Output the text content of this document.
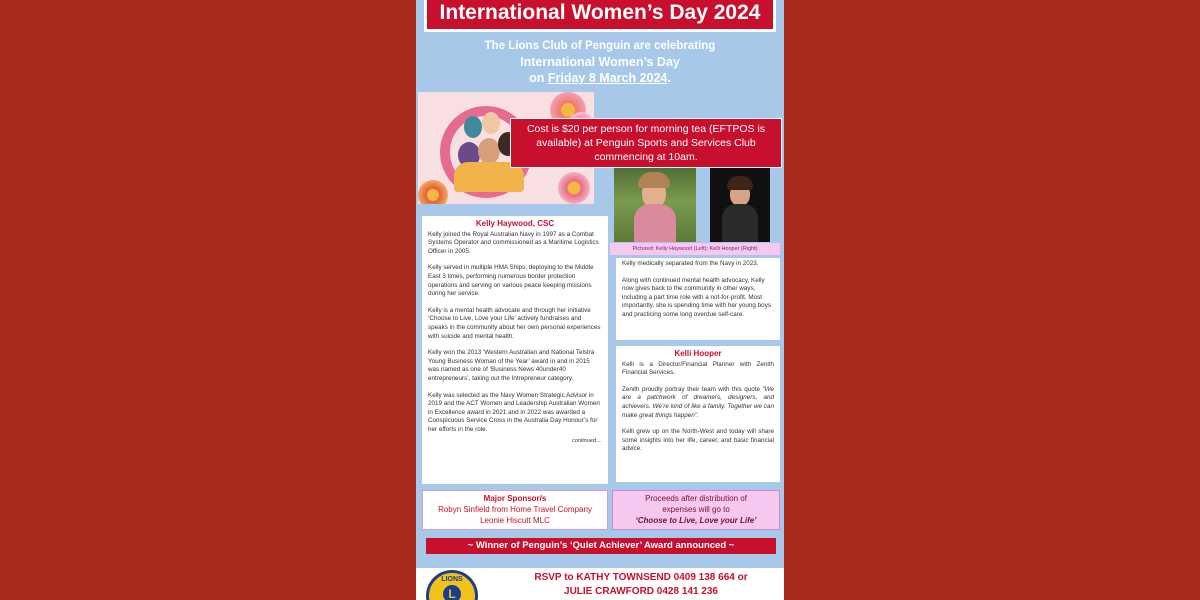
International Women’s Day 2024
The Lions Club of Penguin are celebrating
International Women’s Day
on Friday 8 March 2024.
Cost is $20 per person for morning tea (EFTPOS is available) at Penguin Sports and Services Club commencing at 10am.
Pictured: Kelly Haywood (Left); Kelli Hooper (Right)
Kelly Haywood, CSC

Kelly joined the Royal Australian Navy in 1997 as a Combat Systems Operator and commissioned as a Maritime Logistics Officer in 2005.

Kelly served in multiple HMA Ships; deploying to the Middle East 3 times, performing numerous border protection operations and serving on various peace keeping missions during her service.

Kelly is a mental health advocate and through her initiative ‘Choose to Live, Love your Life’ actively fundraises and speaks in the community about her own personal experiences with suicide and mental health.

Kelly won the 2013 ‘Western Australian and National Telstra Young Business Woman of the Year’ award in and in 2015 was named as one of ‘Business News 40under40 entrepreneurs’, taking out the Intrepreneur category.

Kelly was selected as the Navy Women Strategic Advisor in 2019 and the ACT Women and Leadership Australian Women in Excellence award in 2021 and in 2022 was awarded a Conspicuous Service Cross in the Australia Day Honour’s for her efforts in the role.

continued....

Kelly medically separated from the Navy in 2023.

Along with continued mental health advocacy, Kelly now gives back to the community in other ways, including a part time role with a not-for-profit. Most importantly, she is spending time with her young boys and practicing some long overdue self-care.

Kelli Hooper

Kelli is a Director/Financial Planner with Zenith Financial Services.

Zenith proudly portray their team with this quote "We are a patchwork of dreamers, designers, and achievers. We’re kind of like a family. Together we can make great things happen".

Kelli grew up on the North-West and today will share some insights into her life, career, and basic financial advice.

Major Sponsor/s
Robyn Sinfield from Home Travel Company
Leonie Hiscutt MLC
Proceeds after distribution of
expenses will go to
‘Choose to Live, Love your Life’
~ Winner of Penguin’s ‘Quiet Achiever’ Award announced ~
LIONS
L
RSVP to KATHY TOWNSEND 0409 138 664 or
JULIE CRAWFORD 0428 141 236
